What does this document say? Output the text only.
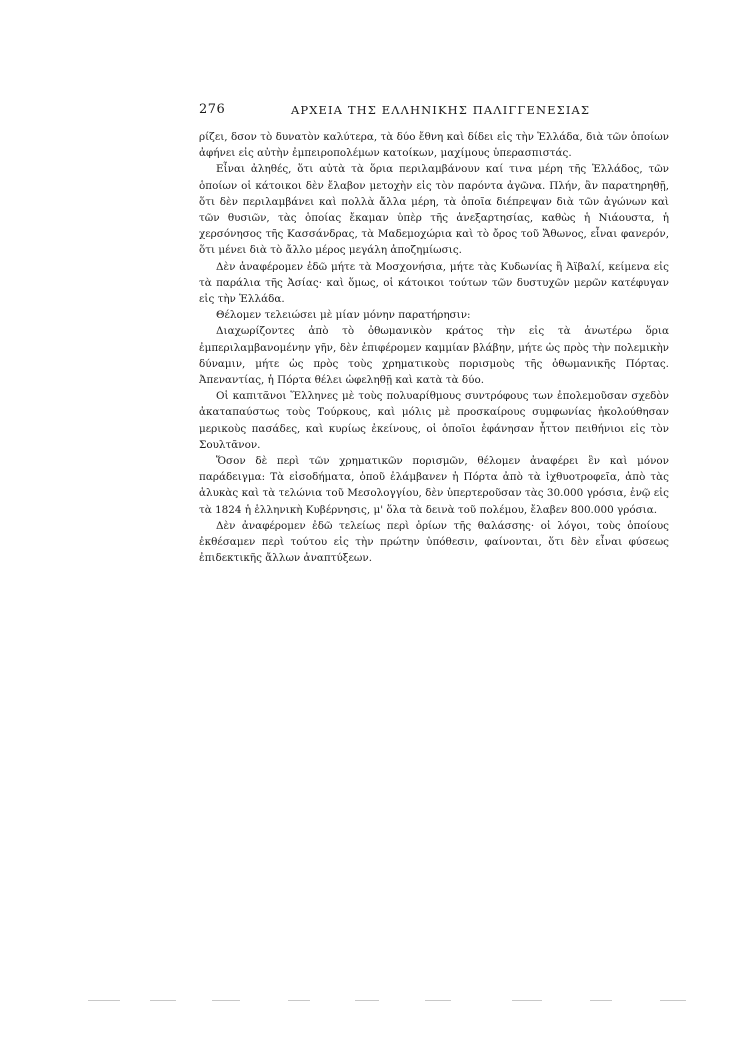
276	ΑΡΧΕΙΑ ΤΗΣ ΕΛΛΗΝΙΚΗΣ ΠΑΛΙΓΓΕΝΕΣΙΑΣ

ρίζει, δσον τὸ δυνατὸν καλύτερα, τὰ δύο ἔθνη καὶ δίδει εἰς τὴν Ἑλλάδα, διὰ τῶν ὁποίων ἀφήνει εἰς αὐτὴν ἐμπειροπολέμων κατοίκων, μαχίμους ὑπερασπιστάς.

Εἶναι ἀληθές, ὅτι αὐτὰ τὰ ὅρια περιλαμβάνουν καί τινα μέρη τῆς Ἑλλάδος, τῶν ὁποίων οἱ κάτοικοι δὲν ἔλαβον μετοχὴν εἰς τὸν παρόντα ἀγῶνα. Πλήν, ἂν παρατηρηθῇ, ὅτι δὲν περιλαμβάνει καὶ πολλὰ ἄλλα μέρη, τὰ ὁποῖα διέπρεψαν διὰ τῶν ἀγώνων καὶ τῶν θυσιῶν, τὰς ὁποίας ἔκαμαν ὑπὲρ τῆς ἀνεξαρτησίας, καθὼς ἡ Νιάουστα, ἡ χερσόνησος τῆς Κασσάνδρας, τὰ Μαδεμοχώρια καὶ τὸ ὄρος τοῦ Ἄθωνος, εἶναι φανερόν, ὅτι μένει διὰ τὸ ἄλλο μέρος μεγάλη ἀποζημίωσις.

Δὲν ἀναφέρομεν ἐδῶ μήτε τὰ Μοσχονήσια, μήτε τὰς Κυδωνίας ἢ Ἀϊβαλί, κείμενα εἰς τὰ παράλια τῆς Ἀσίας· καὶ ὅμως, οἱ κάτοικοι τούτων τῶν δυστυχῶν μερῶν κατέφυγαν εἰς τὴν Ἑλλάδα.

Θέλομεν τελειώσει μὲ μίαν μόνην παρατήρησιν:

Διαχωρίζοντες ἀπὸ τὸ ὀθωμανικὸν κράτος τὴν εἰς τὰ ἀνωτέρω ὅρια ἐμπεριλαμβανομένην γῆν, δὲν ἐπιφέρομεν καμμίαν βλάβην, μήτε ὡς πρὸς τὴν πολεμικὴν δύναμιν, μήτε ὡς πρὸς τοὺς χρηματικοὺς πορισμοὺς τῆς ὀθωμανικῆς Πόρτας. Ἀπεναντίας, ἡ Πόρτα θέλει ὠφεληθῇ καὶ κατὰ τὰ δύο.

Οἱ καπιτᾶνοι Ἕλληνες μὲ τοὺς πολυαρίθμους συντρόφους των ἐπολεμοῦσαν σχεδὸν ἀκαταπαύστως τοὺς Τούρκους, καὶ μόλις μὲ προσκαίρους συμφωνίας ἠκολούθησαν μερικοὺς πασάδες, καὶ κυρίως ἐκείνους, οἱ ὁποῖοι ἐφάνησαν ἧττον πειθήνιοι εἰς τὸν Σουλτᾶνον.

Ὅσον δὲ περὶ τῶν χρηματικῶν πορισμῶν, θέλομεν ἀναφέρει ἓν καὶ μόνον παράδειγμα: Τὰ εἰσοδήματα, ὁποῦ ἐλάμβανεν ἡ Πόρτα ἀπὸ τὰ ἰχθυοτροφεῖα, ἀπὸ τὰς ἁλυκὰς καὶ τὰ τελώνια τοῦ Μεσολογγίου, δὲν ὑπερτεροῦσαν τὰς 30.000 γρόσια, ἐνῷ εἰς τὰ 1824 ἡ ἑλληνικὴ Κυβέρνησις, μ' ὅλα τὰ δεινὰ τοῦ πολέμου, ἔλαβεν 800.000 γρόσια.

Δὲν ἀναφέρομεν ἐδῶ τελείως περὶ ὁρίων τῆς θαλάσσης· οἱ λόγοι, τοὺς ὁποίους ἐκθέσαμεν περὶ τούτου εἰς τὴν πρώτην ὑπόθεσιν, φαίνονται, ὅτι δὲν εἶναι φύσεως ἐπιδεκτικῆς ἄλλων ἀναπτύξεων.
